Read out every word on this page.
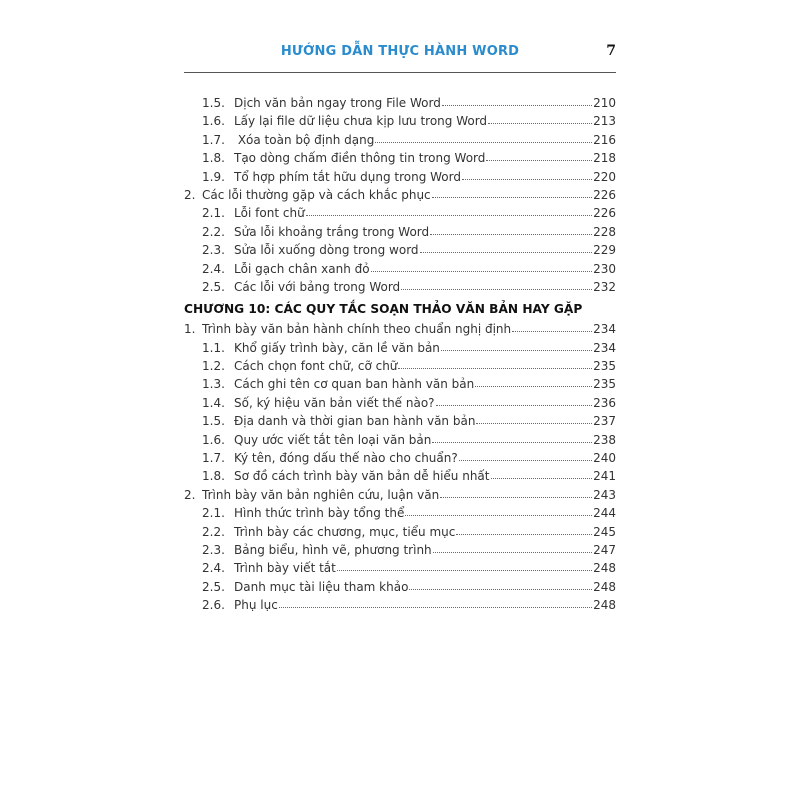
HƯỚNG DẪN THỰC HÀNH WORD	7
1.5. Dịch văn bản ngay trong File Word	210
1.6. Lấy lại file dữ liệu chưa kịp lưu trong Word	213
1.7. Xóa toàn bộ định dạng	216
1.8. Tạo dòng chấm điền thông tin trong Word	218
1.9. Tổ hợp phím tắt hữu dụng trong Word	220
2. Các lỗi thường gặp và cách khắc phục	226
2.1. Lỗi font chữ	226
2.2. Sửa lỗi khoảng trắng trong Word	228
2.3. Sửa lỗi xuống dòng trong word	229
2.4. Lỗi gạch chân xanh đỏ	230
2.5. Các lỗi với bảng trong Word	232
CHƯƠNG 10: CÁC QUY TẮC SOẠN THẢO VĂN BẢN HAY GẶP
1. Trình bày văn bản hành chính theo chuẩn nghị định	234
1.1. Khổ giấy trình bày, căn lề văn bản	234
1.2. Cách chọn font chữ, cỡ chữ	235
1.3. Cách ghi tên cơ quan ban hành văn bản	235
1.4. Số, ký hiệu văn bản viết thế nào?	236
1.5. Địa danh và thời gian ban hành văn bản	237
1.6. Quy ước viết tắt tên loại văn bản	238
1.7. Ký tên, đóng dấu thế nào cho chuẩn?	240
1.8. Sơ đồ cách trình bày văn bản dễ hiểu nhất	241
2. Trình bày văn bản nghiên cứu, luận văn	243
2.1. Hình thức trình bày tổng thể	244
2.2. Trình bày các chương, mục, tiểu mục	245
2.3. Bảng biểu, hình vẽ, phương trình	247
2.4. Trình bày viết tắt	248
2.5. Danh mục tài liệu tham khảo	248
2.6. Phụ lục	248
